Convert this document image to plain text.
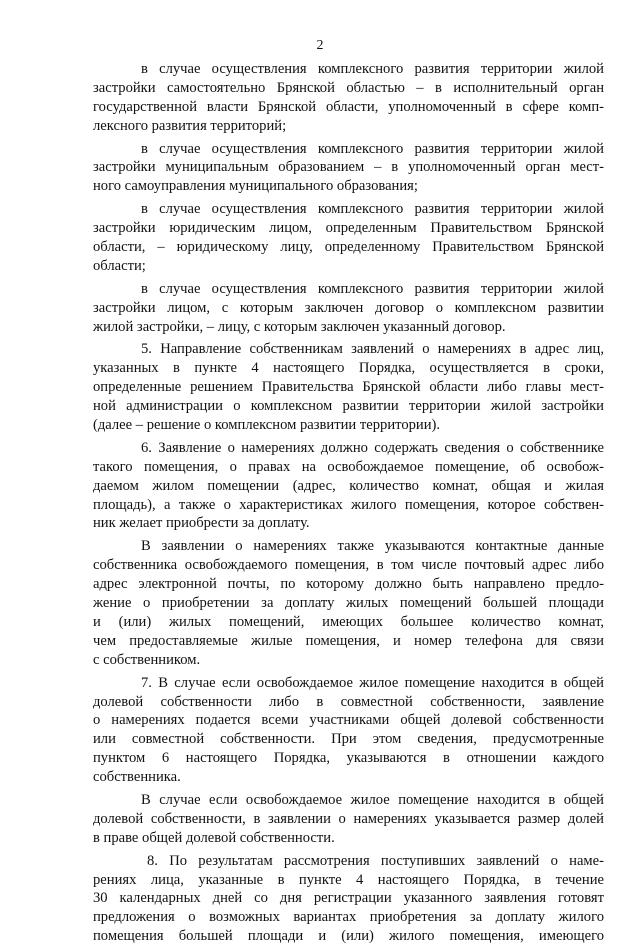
2
в случае осуществления комплексного развития территории жилой
застройки самостоятельно Брянской областью – в исполнительный орган
государственной власти Брянской области, уполномоченный в сфере комп-
лексного развития территорий;
в случае осуществления комплексного развития территории жилой
застройки муниципальным образованием – в уполномоченный орган мест-
ного самоуправления муниципального образования;
в случае осуществления комплексного развития территории жилой
застройки юридическим лицом, определенным Правительством Брянской
области, – юридическому лицу, определенному Правительством Брянской
области;
в случае осуществления комплексного развития территории жилой
застройки лицом, с которым заключен договор о комплексном развитии
жилой застройки, – лицу, с которым заключен указанный договор.
5. Направление собственникам заявлений о намерениях в адрес лиц,
указанных в пункте 4 настоящего Порядка, осуществляется в сроки,
определенные решением Правительства Брянской области либо главы мест-
ной администрации о комплексном развитии территории жилой застройки
(далее – решение о комплексном развитии территории).
6. Заявление о намерениях должно содержать сведения о собственнике
такого помещения, о правах на освобождаемое помещение, об освобож-
даемом жилом помещении (адрес, количество комнат, общая и жилая
площадь), а также о характеристиках жилого помещения, которое собствен-
ник желает приобрести за доплату.
В заявлении о намерениях также указываются контактные данные
собственника освобождаемого помещения, в том числе почтовый адрес либо
адрес электронной почты, по которому должно быть направлено предло-
жение о приобретении за доплату жилых помещений большей площади
и (или) жилых помещений, имеющих большее количество комнат,
чем предоставляемые жилые помещения, и номер телефона для связи
с собственником.
7. В случае если освобождаемое жилое помещение находится в общей
долевой собственности либо в совместной собственности, заявление
о намерениях подается всеми участниками общей долевой собственности
или совместной собственности. При этом сведения, предусмотренные
пунктом 6 настоящего Порядка, указываются в отношении каждого
собственника.
В случае если освобождаемое жилое помещение находится в общей
долевой собственности, в заявлении о намерениях указывается размер долей
в праве общей долевой собственности.
8. По результатам рассмотрения поступивших заявлений о наме-
рениях лица, указанные в пункте 4 настоящего Порядка, в течение
30 календарных дней со дня регистрации указанного заявления готовят
предложения о возможных вариантах приобретения за доплату жилого
помещения большей площади и (или) жилого помещения, имеющего
